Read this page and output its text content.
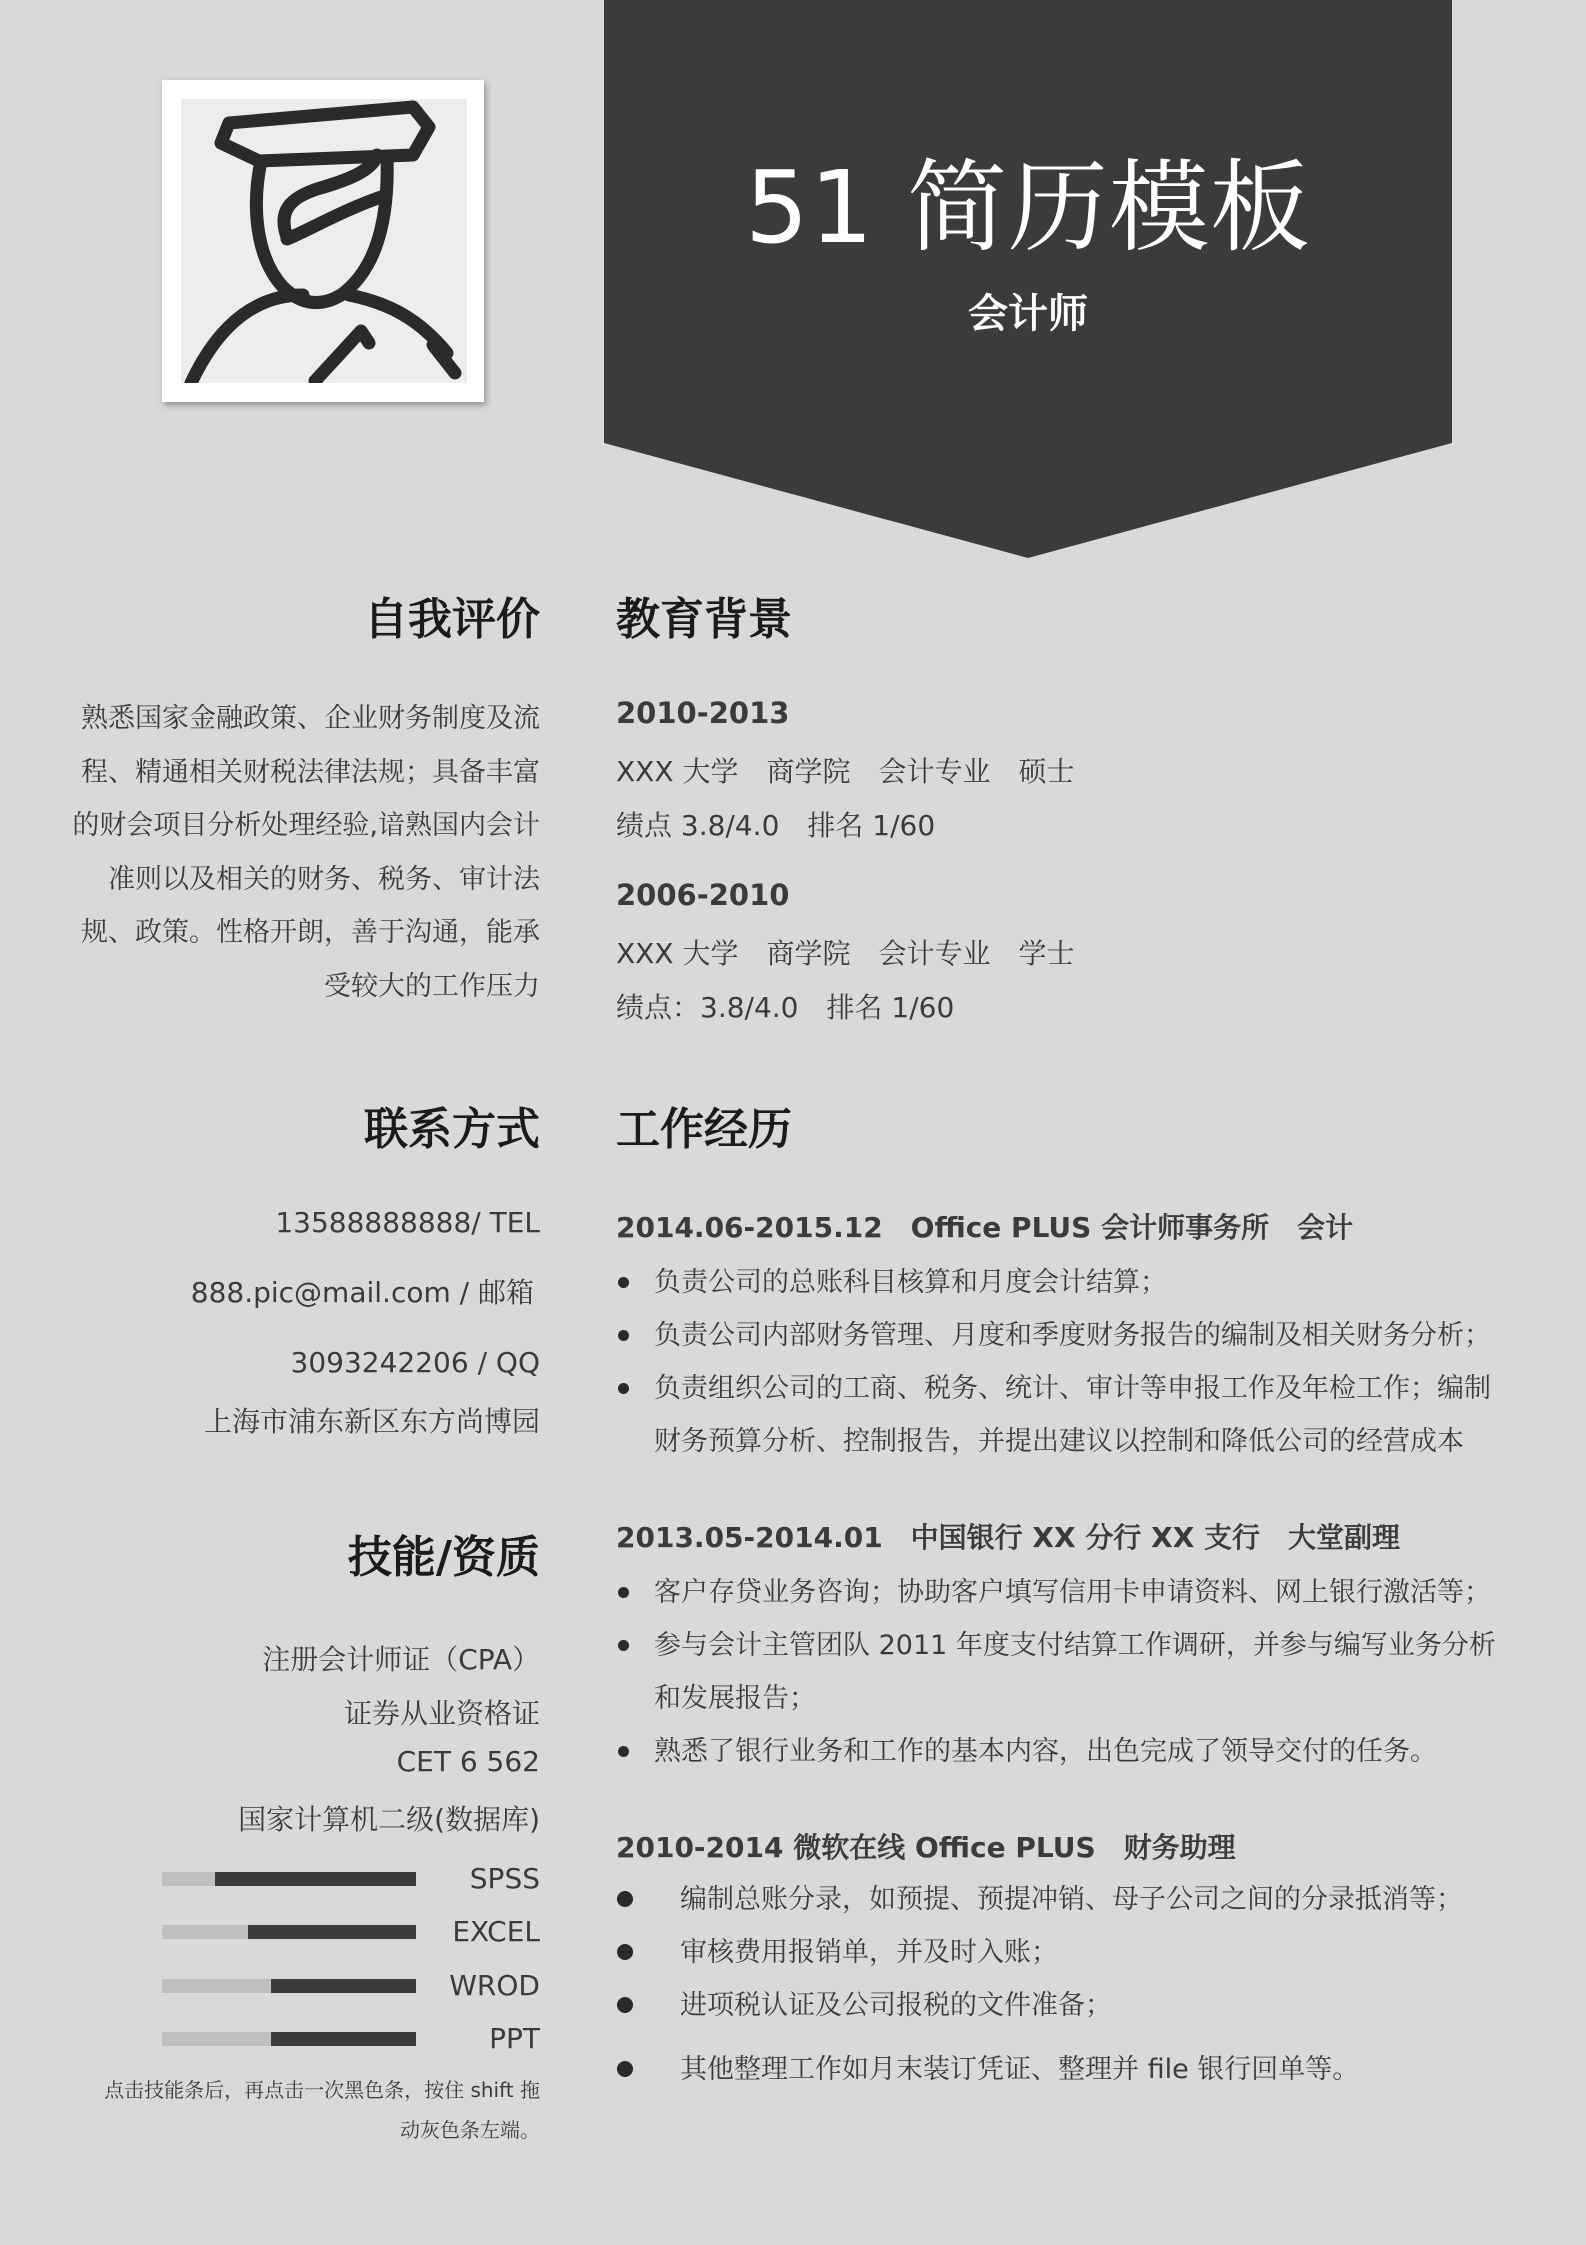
51 简历模板
会计师
自我评价
熟悉国家金融政策、企业财务制度及流程、精通相关财税法律法规；具备丰富的财会项目分析处理经验,谙熟国内会计准则以及相关的财务、税务、审计法规、政策。性格开朗，善于沟通，能承受较大的工作压力
联系方式
13588888888/ TEL
888.pic@mail.com / 邮箱
3093242206 / QQ
上海市浦东新区东方尚博园
技能/资质
注册会计师证（CPA）
证券从业资格证
CET 6 562
国家计算机二级(数据库)
SPSS
EXCEL
WROD
PPT
点击技能条后，再点击一次黑色条，按住 shift 拖动灰色条左端。
教育背景
2010-2013
XXX 大学　商学院　会计专业　硕士
绩点 3.8/4.0　排名 1/60
2006-2010
XXX 大学　商学院　会计专业　学士
绩点：3.8/4.0　排名 1/60
工作经历
2014.06-2015.12　Office PLUS 会计师事务所　会计
负责公司的总账科目核算和月度会计结算；
负责公司内部财务管理、月度和季度财务报告的编制及相关财务分析；
负责组织公司的工商、税务、统计、审计等申报工作及年检工作；编制财务预算分析、控制报告，并提出建议以控制和降低公司的经营成本
2013.05-2014.01　中国银行 XX 分行 XX 支行　大堂副理
客户存贷业务咨询；协助客户填写信用卡申请资料、网上银行激活等；
参与会计主管团队 2011 年度支付结算工作调研，并参与编写业务分析和发展报告；
熟悉了银行业务和工作的基本内容，出色完成了领导交付的任务。
2010-2014 微软在线 Office PLUS　财务助理
编制总账分录，如预提、预提冲销、母子公司之间的分录抵消等；
审核费用报销单，并及时入账；
进项税认证及公司报税的文件准备；
其他整理工作如月末装订凭证、整理并 file 银行回单等。
